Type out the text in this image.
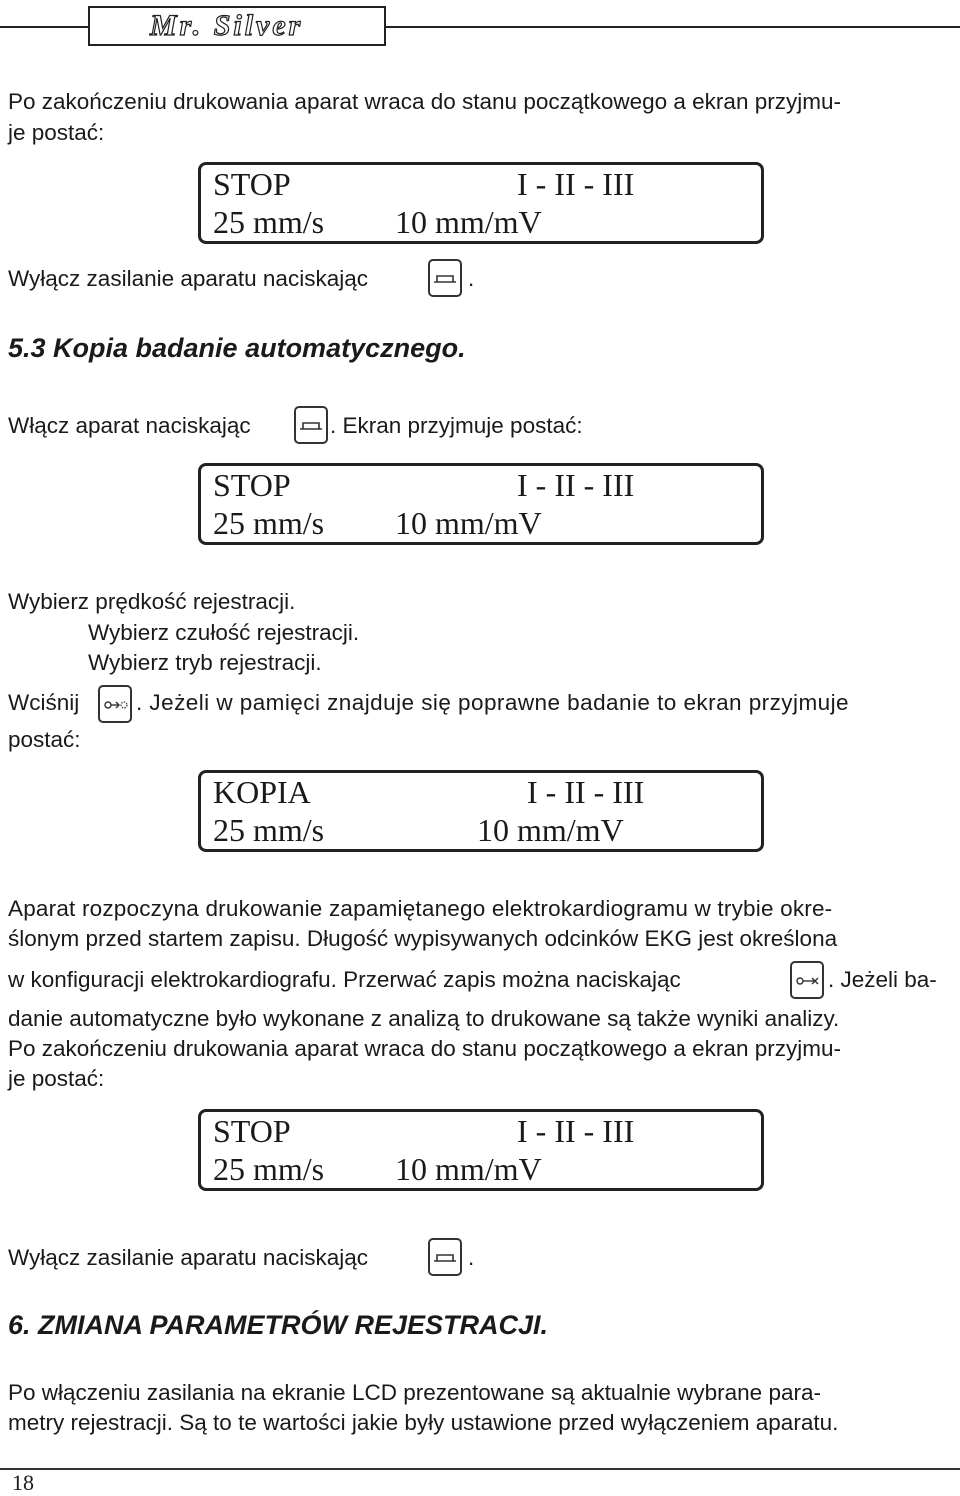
Mr. Silver
Po zakończeniu drukowania aparat wraca do stanu początkowego a ekran przyjmu-
je postać:
STOP	I - II - III
25 mm/s 10 mm/mV
Wyłącz zasilanie aparatu naciskając	.
5.3 Kopia badanie automatycznego.
Włącz aparat naciskając	. Ekran przyjmuje postać:
STOP	I - II - III
25 mm/s 10 mm/mV
Wybierz prędkość rejestracji.
Wybierz czułość rejestracji.
Wybierz tryb rejestracji.
Wciśnij	. Jeżeli w pamięci znajduje się poprawne badanie to ekran przyjmuje
postać:
KOPIA	I - II - III
25 mm/s	10 mm/mV
Aparat rozpoczyna drukowanie zapamiętanego elektrokardiogramu w trybie okre-
ślonym przed startem zapisu. Długość wypisywanych odcinków EKG jest określona
w konfiguracji elektrokardiografu. Przerwać zapis można naciskając	. Jeżeli ba-
danie automatyczne było wykonane z analizą to drukowane są także wyniki analizy.
Po zakończeniu drukowania aparat wraca do stanu początkowego a ekran przyjmu-
je postać:
STOP	I - II - III
25 mm/s 10 mm/mV
Wyłącz zasilanie aparatu naciskając	.
6. ZMIANA PARAMETRÓW REJESTRACJI.
Po włączeniu zasilania na ekranie LCD prezentowane są aktualnie wybrane para-
metry rejestracji. Są to te wartości jakie były ustawione przed wyłączeniem aparatu.
18
